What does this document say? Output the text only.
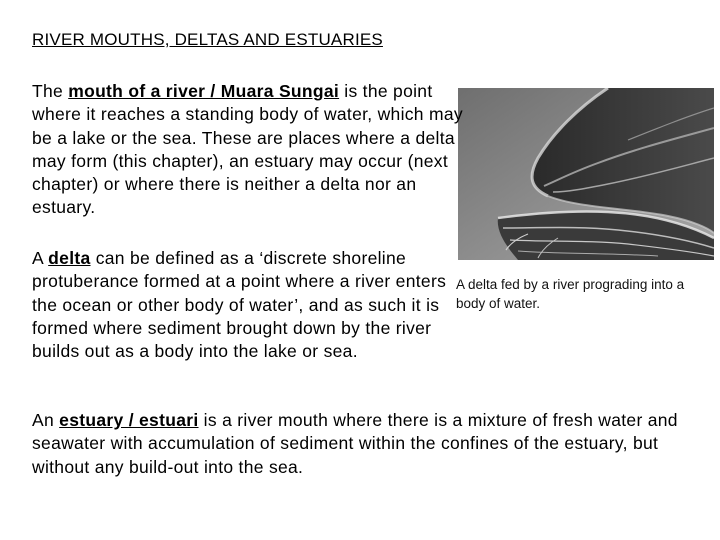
RIVER MOUTHS, DELTAS AND ESTUARIES
The mouth of a river / Muara Sungai is the point where it reaches a standing body of water, which may be a lake or the sea. These are places where a delta may form (this chapter), an estuary may occur (next chapter) or where there is neither a delta nor an estuary.
A delta can be defined as a ‘discrete shoreline protuberance formed at a point where a river enters the ocean or other body of water’, and as such it is formed where sediment brought down by the river builds out as a body into the lake or sea.
A delta fed by a river prograding into a body of water.
An estuary / estuari is a river mouth where there is a mixture of fresh water and seawater with accumulation of sediment within the confines of the estuary, but without any build-out into the sea.
